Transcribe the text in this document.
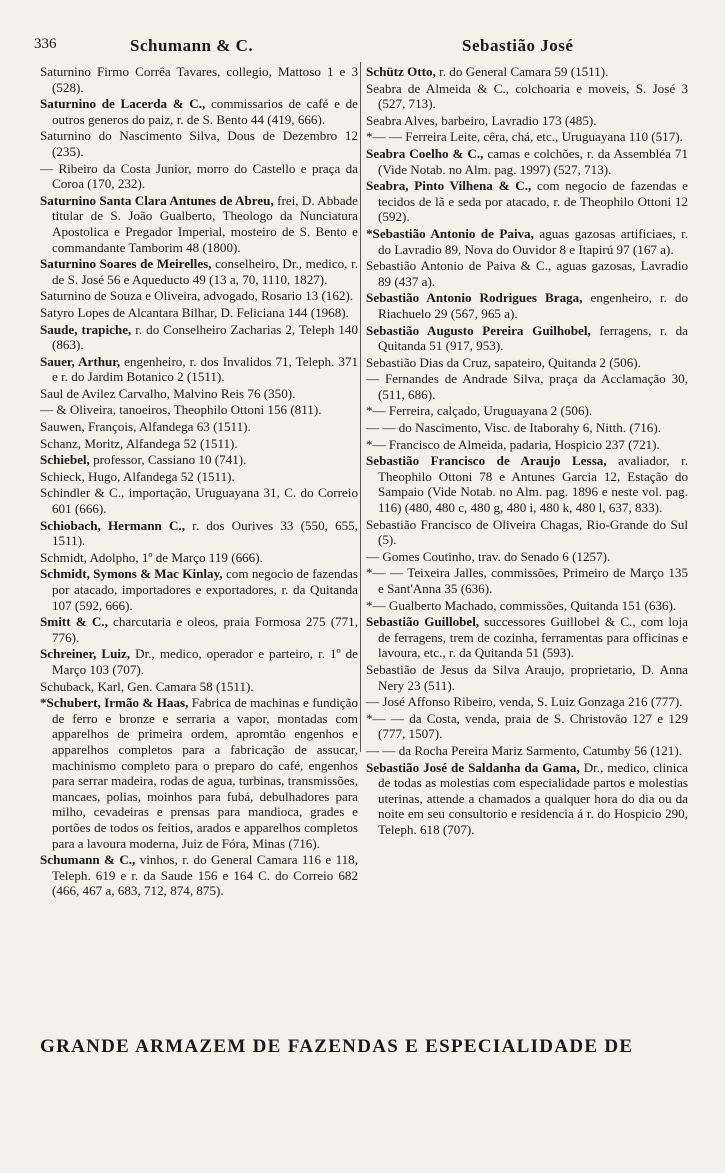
336	Schumann & C.	Sebastião José

Saturnino Firmo Corrêa Tavares, collegio, Mattoso 1 e 3 (528).

Saturnino de Lacerda & C., commissarios de café e de outros generos do paiz, r. de S. Bento 44 (419, 666).

Saturnino do Nascimento Silva, Dous de Dezembro 12 (235).

— Ribeiro da Costa Junior, morro do Castello e praça da Coroa (170, 232).

Saturnino Santa Clara Antunes de Abreu, frei, D. Abbade titular de S. João Gualberto, Theologo da Nunciatura Apostolica e Pregador Imperial, mosteiro de S. Bento e commandante Tamborim 48 (1800).

Saturnino Soares de Meirelles, conselheiro, Dr., medico, r. de S. José 56 e Aqueducto 49 (13 a, 70, 1110, 1827).

Saturnino de Souza e Oliveira, advogado, Rosario 13 (162).

Satyro Lopes de Alcantara Bilhar, D. Feliciana 144 (1968).

Saude, trapiche, r. do Conselheiro Zacharias 2, Teleph 140 (863).

Sauer, Arthur, engenheiro, r. dos Invalidos 71, Teleph. 371 e r. do Jardim Botanico 2 (1511).

Saul de Avilez Carvalho, Malvino Reis 76 (350).

— & Oliveira, tanoeiros, Theophilo Ottoni 156 (811).

Sauwen, François, Alfandega 63 (1511).

Schanz, Moritz, Alfandega 52 (1511).

Schiebel, professor, Cassiano 10 (741).

Schieck, Hugo, Alfandega 52 (1511).

Schindler & C., importação, Uruguayana 31, C. do Correio 601 (666).

Schiobach, Hermann C., r. dos Ourives 33 (550, 655, 1511).

Schmidt, Adolpho, 1º de Março 119 (666).

Schmidt, Symons & Mac Kinlay, com negocio de fazendas por atacado, importadores e exportadores, r. da Quitanda 107 (592, 666).

Smitt & C., charcutaria e oleos, praia Formosa 275 (771, 776).

Schreiner, Luiz, Dr., medico, operador e parteiro, r. 1º de Março 103 (707).

Schuback, Karl, Gen. Camara 58 (1511).

*Schubert, Irmão & Haas, Fabrica de machinas e fundição de ferro e bronze e serraria a vapor, montadas com apparelhos de primeira ordem, apromtão engenhos e apparelhos completos para a fabricação de assucar, machinismo completo para o preparo do café, engenhos para serrar madeira, rodas de agua, turbinas, transmissões, mancaes, polias, moinhos para fubá, debulhadores para milho, cevadeiras e prensas para mandioca, grades e portões de todos os feitios, arados e apparelhos completos para a lavoura moderna, Juiz de Fóra, Minas (716).

Schumann & C., vinhos, r. do General Camara 116 e 118, Teleph. 619 e r. da Saude 156 e 164 C. do Correio 682 (466, 467 a, 683, 712, 874, 875).

Schütz Otto, r. do General Camara 59 (1511).

Seabra de Almeida & C., colchoaria e moveis, S. José 3 (527, 713).

Seabra Alves, barbeiro, Lavradio 173 (485).

*— — Ferreira Leite, cêra, chá, etc., Uruguayana 110 (517).

Seabra Coelho & C., camas e colchões, r. da Assembléa 71 (Vide Notab. no Alm. pag. 1997) (527, 713).

Seabra, Pinto Vilhena & C., com negocio de fazendas e tecidos de lã e seda por atacado, r. de Theophilo Ottoni 12 (592).

*Sebastião Antonio de Paiva, aguas gazosas artificiaes, r. do Lavradio 89, Nova do Ouvidor 8 e Itapirú 97 (167 a).

Sebastião Antonio de Paiva & C., aguas gazosas, Lavradio 89 (437 a).

Sebastião Antonio Rodrigues Braga, engenheiro, r. do Riachuelo 29 (567, 965 a).

Sebastião Augusto Pereira Guilhobel, ferragens, r. da Quitanda 51 (917, 953).

Sebastião Dias da Cruz, sapateiro, Quitanda 2 (506).

— Fernandes de Andrade Silva, praça da Acclamação 30, (511, 686).

*— Ferreira, calçado, Uruguayana 2 (506).

— — do Nascimento, Visc. de Itaborahy 6, Nitth. (716).

*— Francisco de Almeida, padaria, Hospicio 237 (721).

Sebastião Francisco de Araujo Lessa, avaliador, r. Theophilo Ottoni 78 e Antunes Garcia 12, Estação do Sampaio (Vide Notab. no Alm. pag. 1896 e neste vol. pag. 116) (480, 480 c, 480 g, 480 i, 480 k, 480 l, 637, 833).

Sebastião Francisco de Oliveira Chagas, Rio-Grande do Sul (5).

— Gomes Coutinho, trav. do Senado 6 (1257).

*— — Teixeira Jalles, commissões, Primeiro de Março 135 e Sant'Anna 35 (636).

*— Gualberto Machado, commissões, Quitanda 151 (636).

Sebastião Guillobel, successores Guillobel & C., com loja de ferragens, trem de cozinha, ferramentas para officinas e lavoura, etc., r. da Quitanda 51 (593).

Sebastião de Jesus da Silva Araujo, proprietario, D. Anna Nery 23 (511).

— José Affonso Ribeiro, venda, S. Luiz Gonzaga 216 (777).

*— — da Costa, venda, praia de S. Christovão 127 e 129 (777, 1507).

— — da Rocha Pereira Mariz Sarmento, Catumby 56 (121).

Sebastião José de Saldanha da Gama, Dr., medico, clinica de todas as molestias com especialidade partos e molestias uterinas, attende a chamados a qualquer hora do dia ou da noite em seu consultorio e residencia á r. do Hospicio 290, Teleph. 618 (707).

GRANDE ARMAZEM DE FAZENDAS E ESPECIALIDADE DE
